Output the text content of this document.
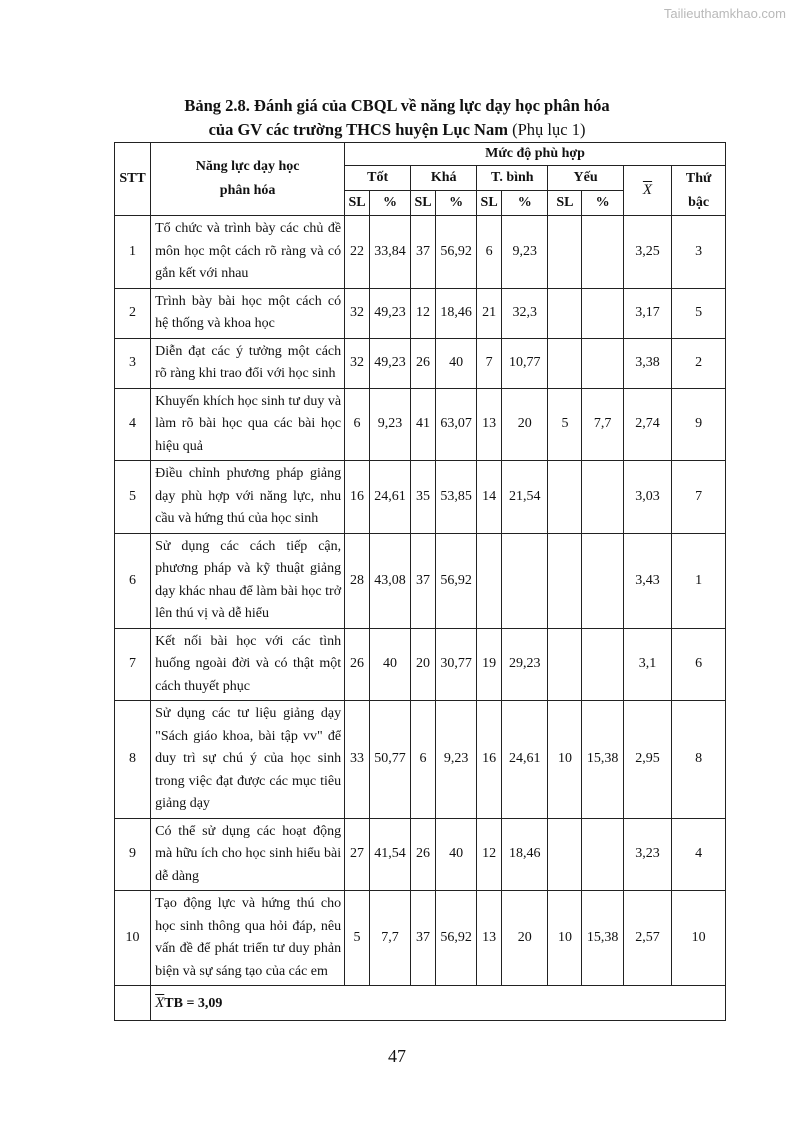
Tailieuthamkhao.com
Bảng 2.8. Đánh giá của CBQL về năng lực dạy học phân hóa
của GV các trường THCS huyện Lục Nam (Phụ lục 1)
STT	Năng lực dạy học phân hóa	Mức độ phù hợp									
		Tốt		Khá		T. bình		Yếu		$\overline{X}$	Thứ bậc
		SL	%	SL	%	SL	%	SL	%		
1	Tổ chức và trình bày các chủ đề môn học một cách rõ ràng và có gắn kết với nhau	22	33,84	37	56,92	6	9,23			3,25	3
2	Trình bày bài học một cách có hệ thống và khoa học	32	49,23	12	18,46	21	32,3			3,17	5
3	Diễn đạt các ý tưởng một cách rõ ràng khi trao đổi với học sinh	32	49,23	26	40	7	10,77			3,38	2
4	Khuyến khích học sinh tư duy và làm rõ bài học qua các bài học hiệu quả	6	9,23	41	63,07	13	20	5	7,7	2,74	9
5	Điều chỉnh phương pháp giảng dạy phù hợp với năng lực, nhu cầu và hứng thú của học sinh	16	24,61	35	53,85	14	21,54			3,03	7
6	Sử dụng các cách tiếp cận, phương pháp và kỹ thuật giảng dạy khác nhau để làm bài học trở lên thú vị và dễ hiểu	28	43,08	37	56,92					3,43	1
7	Kết nối bài học với các tình huống ngoài đời và có thật một cách thuyết phục	26	40	20	30,77	19	29,23			3,1	6
8	Sử dụng các tư liệu giảng dạy "Sách giáo khoa, bài tập vv" để duy trì sự chú ý của học sinh trong việc đạt được các mục tiêu giảng dạy	33	50,77	6	9,23	16	24,61	10	15,38	2,95	8
9	Có thể sử dụng các hoạt động mà hữu ích cho học sinh hiểu bài dễ dàng	27	41,54	26	40	12	18,46			3,23	4
10	Tạo động lực và hứng thú cho học sinh thông qua hỏi đáp, nêu vấn đề để phát triển tư duy phản biện và sự sáng tạo của các em	5	7,7	37	56,92	13	20	10	15,38	2,57	10
	$\overline{X}TB = 3,09$										
47
